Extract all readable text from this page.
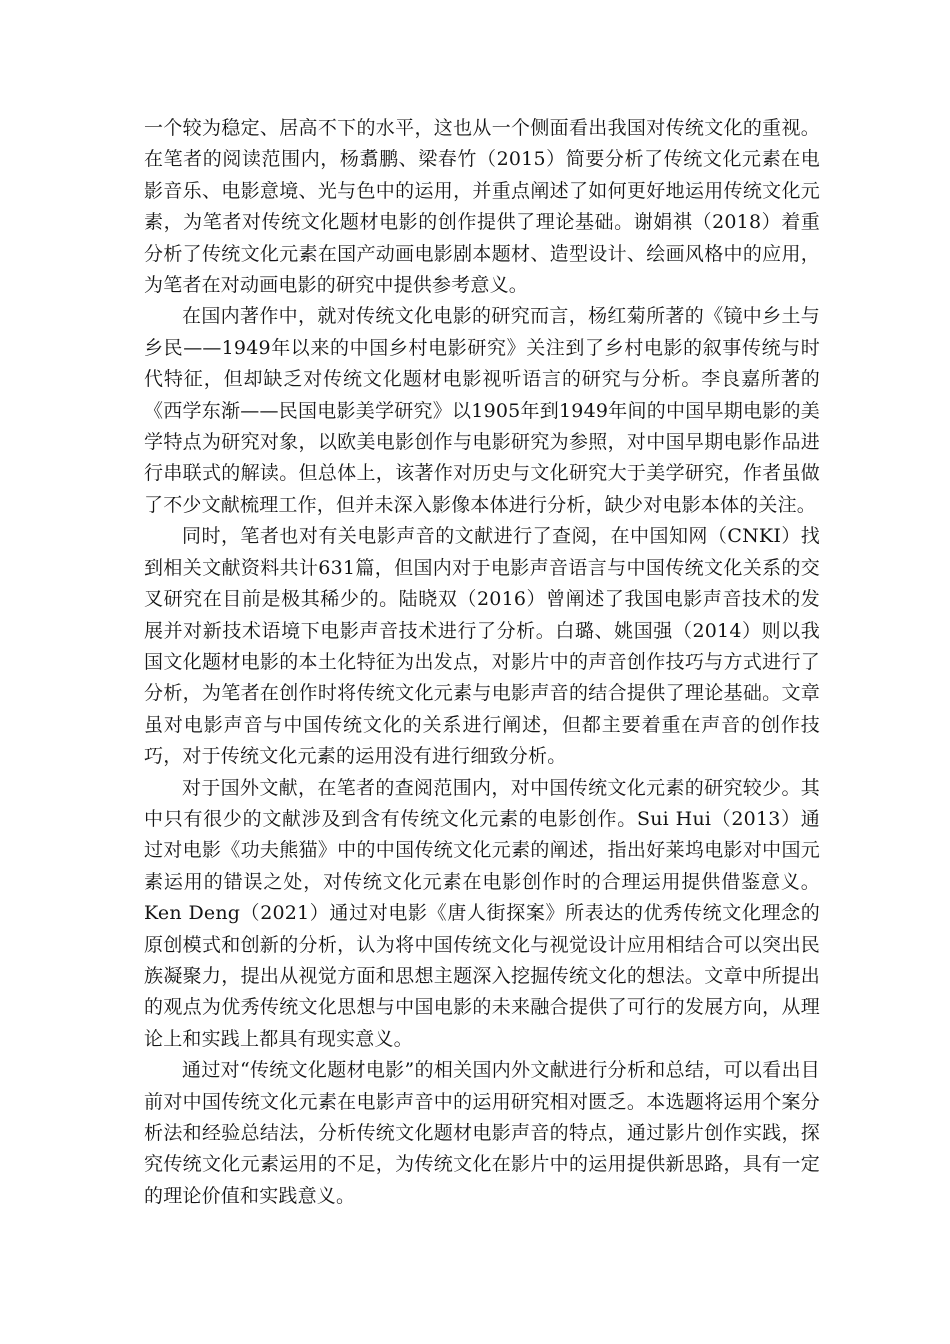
一个较为稳定、居高不下的水平，这也从一个侧面看出我国对传统文化的重视。在笔者的阅读范围内，杨翥鹏、梁春竹（2015）简要分析了传统文化元素在电影音乐、电影意境、光与色中的运用，并重点阐述了如何更好地运用传统文化元素，为笔者对传统文化题材电影的创作提供了理论基础。谢娟祺（2018）着重分析了传统文化元素在国产动画电影剧本题材、造型设计、绘画风格中的应用，为笔者在对动画电影的研究中提供参考意义。

在国内著作中，就对传统文化电影的研究而言，杨红菊所著的《镜中乡土与乡民——1949年以来的中国乡村电影研究》关注到了乡村电影的叙事传统与时代特征，但却缺乏对传统文化题材电影视听语言的研究与分析。李良嘉所著的《西学东渐——民国电影美学研究》以1905年到1949年间的中国早期电影的美学特点为研究对象，以欧美电影创作与电影研究为参照，对中国早期电影作品进行串联式的解读。但总体上，该著作对历史与文化研究大于美学研究，作者虽做了不少文献梳理工作，但并未深入影像本体进行分析，缺少对电影本体的关注。

同时，笔者也对有关电影声音的文献进行了查阅，在中国知网（CNKI）找到相关文献资料共计631篇，但国内对于电影声音语言与中国传统文化关系的交叉研究在目前是极其稀少的。陆晓双（2016）曾阐述了我国电影声音技术的发展并对新技术语境下电影声音技术进行了分析。白璐、姚国强（2014）则以我国文化题材电影的本土化特征为出发点，对影片中的声音创作技巧与方式进行了分析，为笔者在创作时将传统文化元素与电影声音的结合提供了理论基础。文章虽对电影声音与中国传统文化的关系进行阐述，但都主要着重在声音的创作技巧，对于传统文化元素的运用没有进行细致分析。

对于国外文献，在笔者的查阅范围内，对中国传统文化元素的研究较少。其中只有很少的文献涉及到含有传统文化元素的电影创作。Sui Hui（2013）通过对电影《功夫熊猫》中的中国传统文化元素的阐述，指出好莱坞电影对中国元素运用的错误之处，对传统文化元素在电影创作时的合理运用提供借鉴意义。Ken Deng（2021）通过对电影《唐人街探案》所表达的优秀传统文化理念的原创模式和创新的分析，认为将中国传统文化与视觉设计应用相结合可以突出民族凝聚力，提出从视觉方面和思想主题深入挖掘传统文化的想法。文章中所提出的观点为优秀传统文化思想与中国电影的未来融合提供了可行的发展方向，从理论上和实践上都具有现实意义。

通过对“传统文化题材电影”的相关国内外文献进行分析和总结，可以看出目前对中国传统文化元素在电影声音中的运用研究相对匮乏。本选题将运用个案分析法和经验总结法，分析传统文化题材电影声音的特点，通过影片创作实践，探究传统文化元素运用的不足，为传统文化在影片中的运用提供新思路，具有一定的理论价值和实践意义。
